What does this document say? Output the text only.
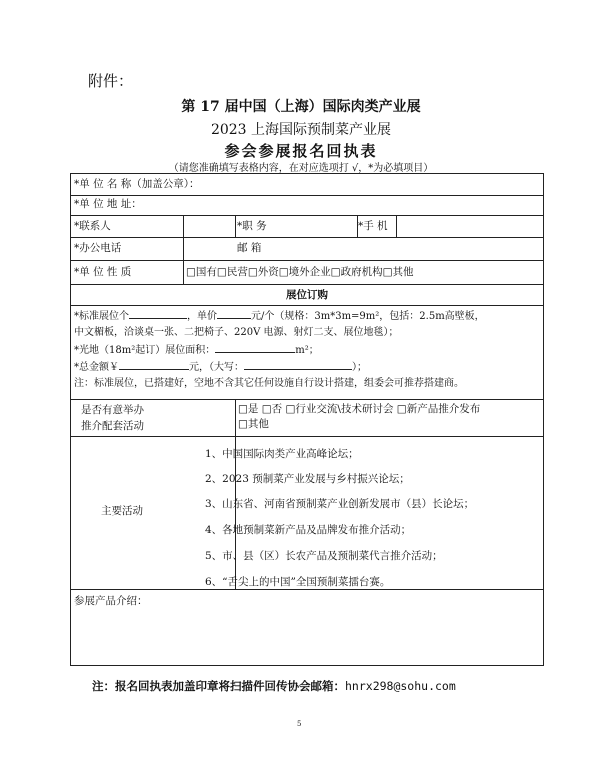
附件：
第 17 届中国（上海）国际肉类产业展
2023 上海国际预制菜产业展
参会参展报名回执表
（请您准确填写表格内容，在对应选项打 √，*为必填项目）
*单 位 名 称（加盖公章）：
*单 位 地 址：
*联系人	*职 务	*手 机
*办公电话	邮 箱
*单 位 性 质	□国有□民营□外资□境外企业□政府机构□其他
展位订购
*标准展位个	，单价	元/个（规格：3m*3m=9m²，包括：2.5m高壁板，
中文楣板，洽谈桌一张、二把椅子、220V 电源、射灯二支、展位地毯）；
*光地（18m²起订）展位面积：	m²；
*总金额￥	元，（大写：	）；
注：标准展位，已搭建好，空地不含其它任何设施自行设计搭建，组委会可推荐搭建商。
是否有意举办
推介配套活动
□是 □否 □行业交流\技术研讨会 □新产品推介发布
□其他
主要活动
1、中国国际肉类产业高峰论坛；
2、2023 预制菜产业发展与乡村振兴论坛；
3、山东省、河南省预制菜产业创新发展市（县）长论坛；
4、各地预制菜新产品及品牌发布推介活动；
5、市、县（区）长农产品及预制菜代言推介活动；
6、“舌尖上的中国”全国预制菜擂台赛。
参展产品介绍：
注：报名回执表加盖印章将扫描件回传协会邮箱：hnrx298@sohu.com
5
